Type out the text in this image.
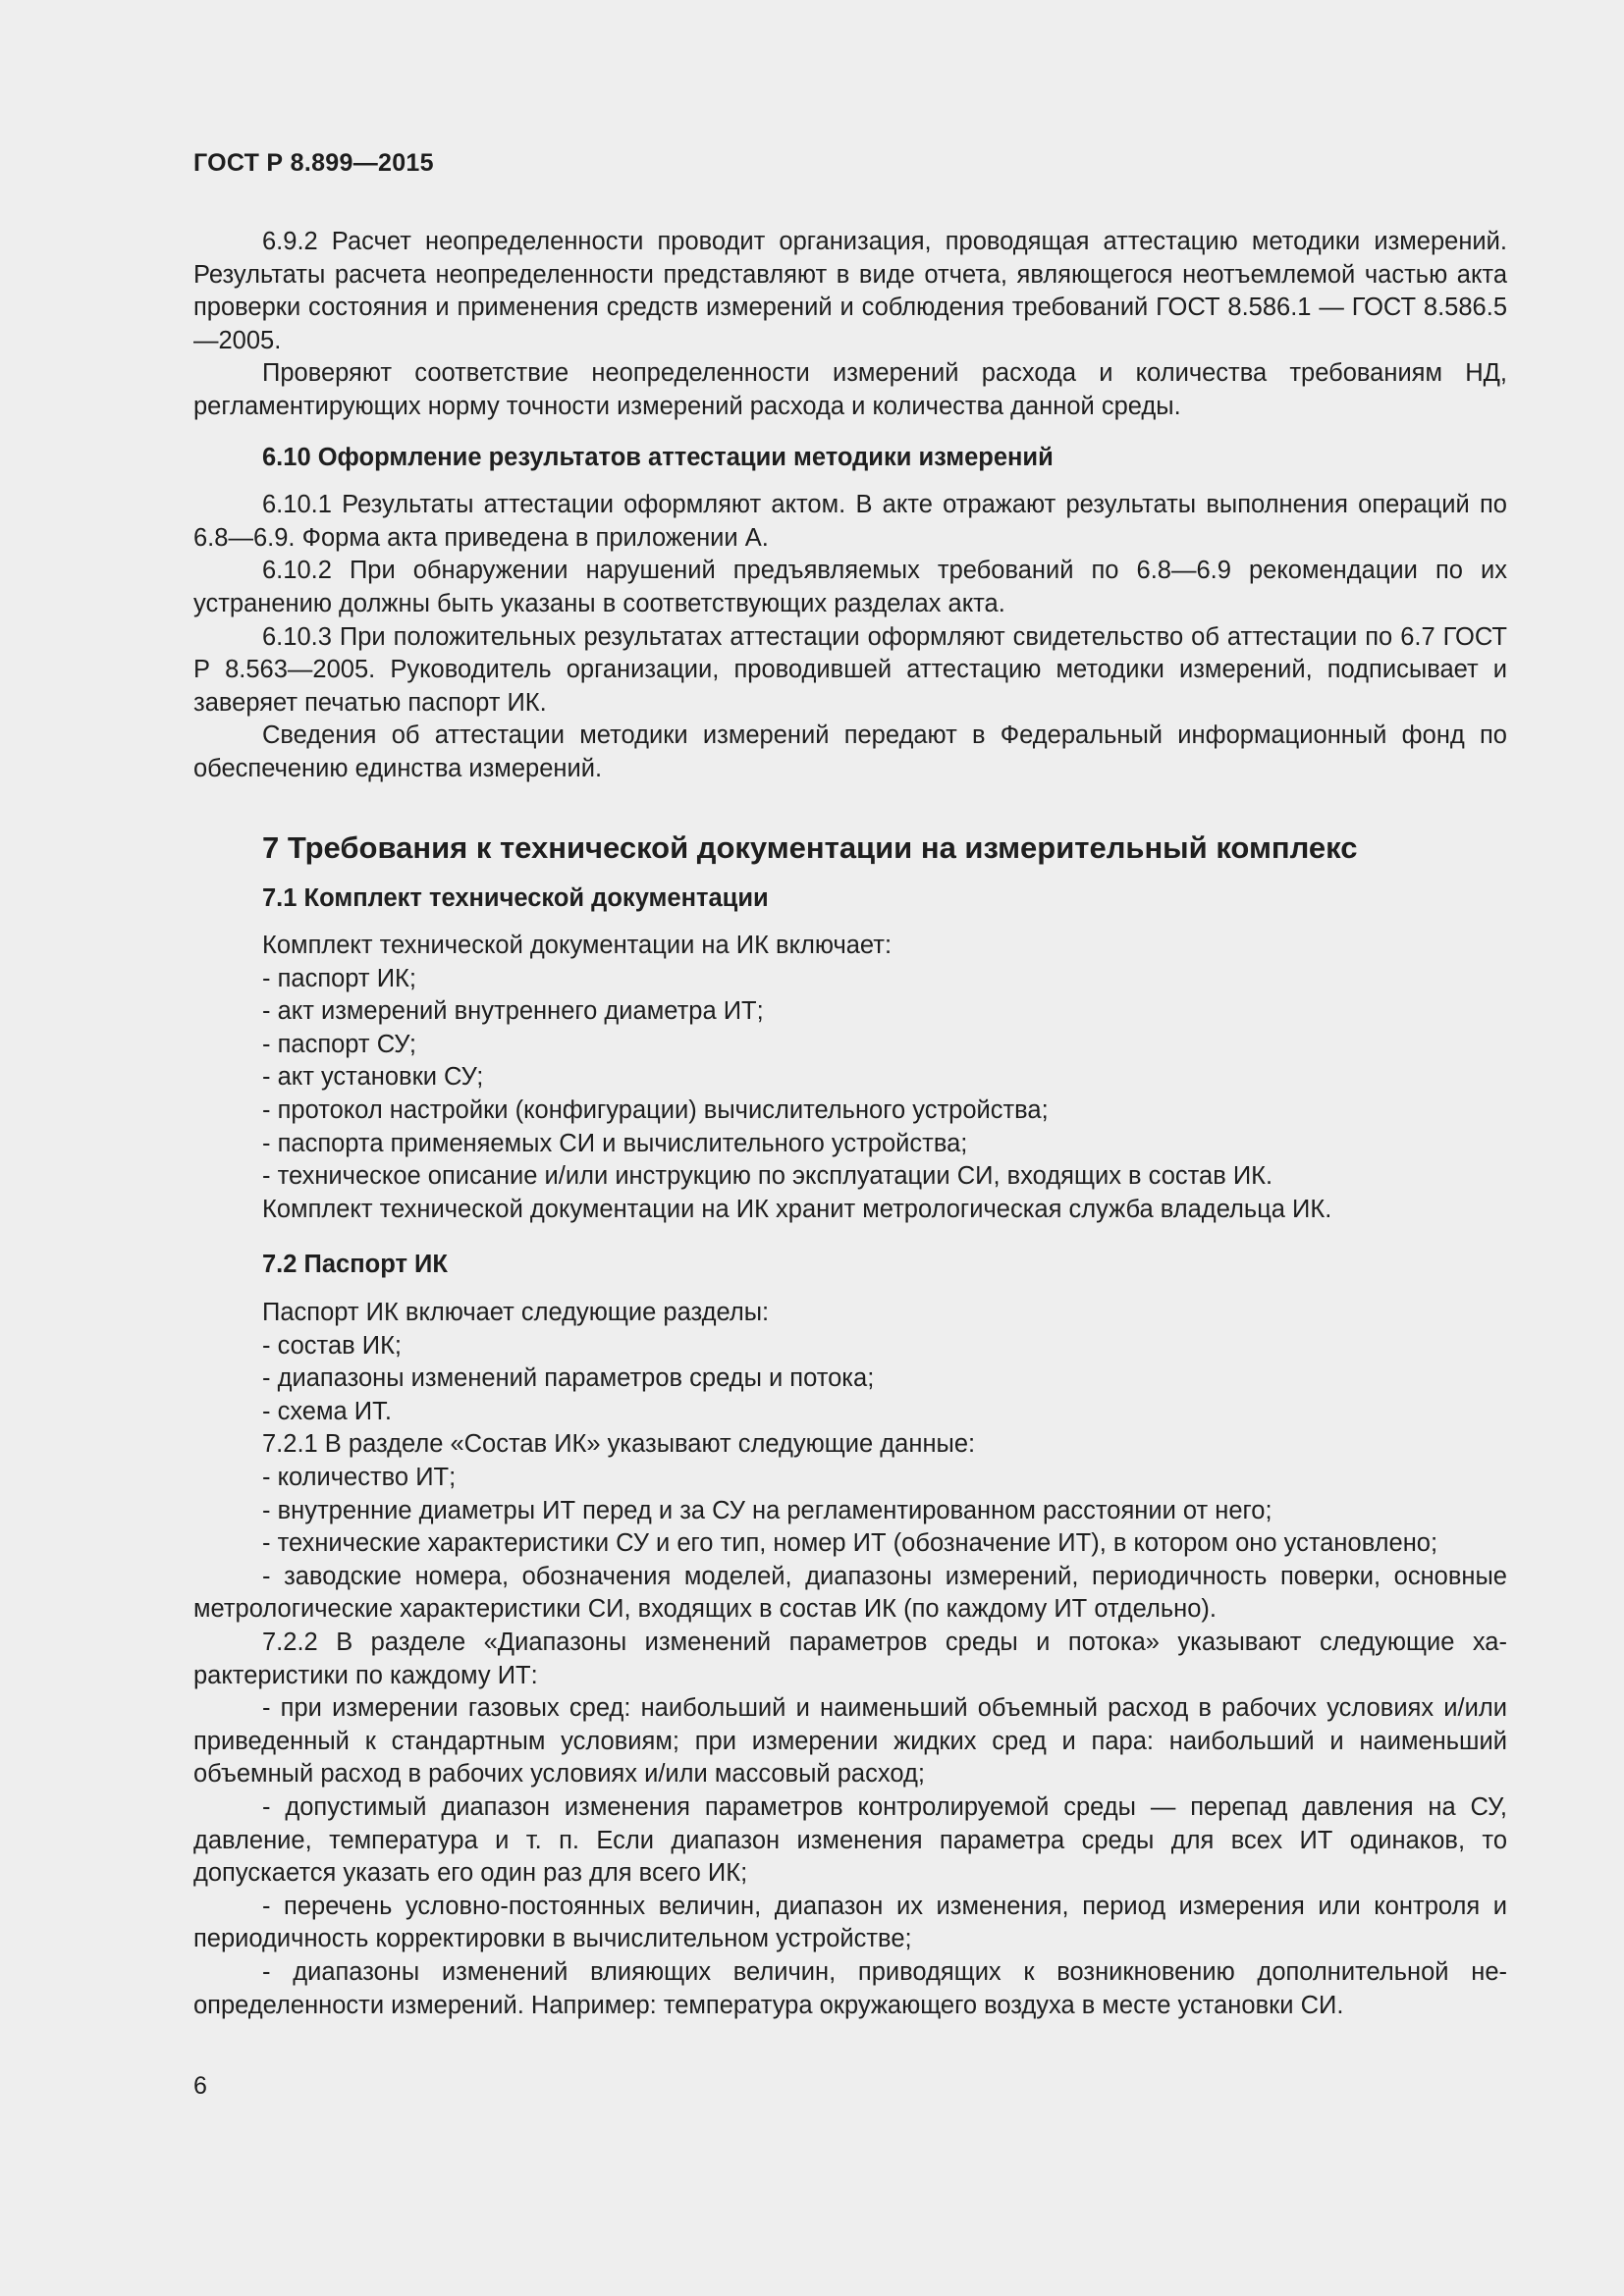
ГОСТ Р 8.899—2015

6.9.2 Расчет неопределенности проводит организация, проводящая аттестацию методики измерений. Результаты расчета неопределенности представляют в виде отчета, являющегося неотъемлемой частью акта проверки состояния и применения средств измерений и соблюдения требований ГОСТ 8.586.1 — ГОСТ 8.586.5—2005.

Проверяют соответствие неопределенности измерений расхода и количества требованиям НД, регламентирующих норму точности измерений расхода и количества данной среды.

6.10 Оформление результатов аттестации методики измерений

6.10.1 Результаты аттестации оформляют актом. В акте отражают результаты выполнения операций по 6.8—6.9. Форма акта приведена в приложении А.

6.10.2 При обнаружении нарушений предъявляемых требований по 6.8—6.9 рекомендации по их устранению должны быть указаны в соответствующих разделах акта.

6.10.3 При положительных результатах аттестации оформляют свидетельство об аттестации по 6.7 ГОСТ Р 8.563—2005. Руководитель организации, проводившей аттестацию методики измерений, подписывает и заверяет печатью паспорт ИК.

Сведения об аттестации методики измерений передают в Федеральный информационный фонд по обеспечению единства измерений.

7 Требования к технической документации на измерительный комплекс
7.1 Комплект технической документации
Комплект технической документации на ИК включает:
- паспорт ИК;
- акт измерений внутреннего диаметра ИТ;
- паспорт СУ;
- акт установки СУ;
- протокол настройки (конфигурации) вычислительного устройства;
- паспорта применяемых СИ и вычислительного устройства;
- техническое описание и/или инструкцию по эксплуатации СИ, входящих в состав ИК.
Комплект технической документации на ИК хранит метрологическая служба владельца ИК.
7.2 Паспорт ИК
Паспорт ИК включает следующие разделы:
- состав ИК;
- диапазоны изменений параметров среды и потока;
- схема ИТ.
7.2.1 В разделе «Состав ИК» указывают следующие данные:
- количество ИТ;
- внутренние диаметры ИТ перед и за СУ на регламентированном расстоянии от него;

- технические характеристики СУ и его тип, номер ИТ (обозначение ИТ), в котором оно установлено;

- заводские номера, обозначения моделей, диапазоны измерений, периодичность поверки, основные метрологические характеристики СИ, входящих в состав ИК (по каждому ИТ отдельно).

7.2.2 В разделе «Диапазоны изменений параметров среды и потока» указывают следующие характеристики по каждому ИТ:

- при измерении газовых сред: наибольший и наименьший объемный расход в рабочих условиях и/или приведенный к стандартным условиям; при измерении жидких сред и пара: наибольший и наименьший объемный расход в рабочих условиях и/или массовый расход;

- допустимый диапазон изменения параметров контролируемой среды — перепад давления на СУ, давление, температура и т. п. Если диапазон изменения параметра среды для всех ИТ одинаков, то допускается указать его один раз для всего ИК;

- перечень условно-постоянных величин, диапазон их изменения, период измерения или контроля и периодичность корректировки в вычислительном устройстве;

- диапазоны изменений влияющих величин, приводящих к возникновению дополнительной неопределенности измерений. Например: температура окружающего воздуха в месте установки СИ.

6
